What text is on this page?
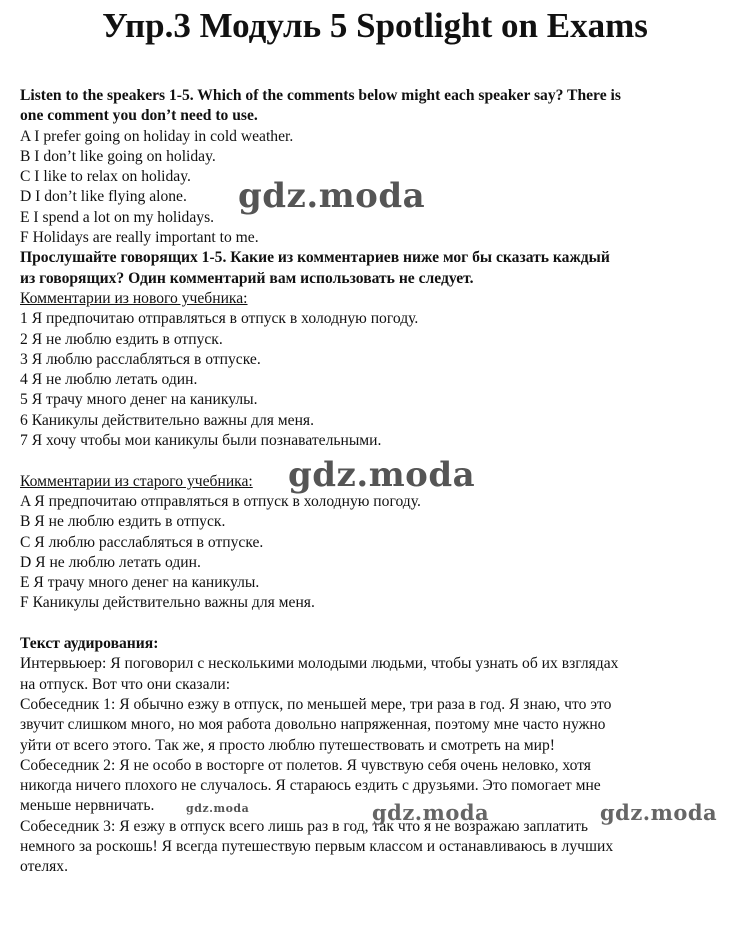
Упр.3 Модуль 5 Spotlight on Exams
Listen to the speakers 1-5. Which of the comments below might each speaker say? There is
one comment you don’t need to use.
A I prefer going on holiday in cold weather.
B I don’t like going on holiday.
C I like to relax on holiday.
D I don’t like flying alone.
E I spend a lot on my holidays.
F Holidays are really important to me.
Прослушайте говорящих 1-5. Какие из комментариев ниже мог бы сказать каждый
из говорящих? Один комментарий вам использовать не следует.
Комментарии из нового учебника:
1 Я предпочитаю отправляться в отпуск в холодную погоду.
2 Я не люблю ездить в отпуск.
3 Я люблю расслабляться в отпуске.
4 Я не люблю летать один.
5 Я трачу много денег на каникулы.
6 Каникулы действительно важны для меня.
7 Я хочу чтобы мои каникулы были познавательными.
Комментарии из старого учебника:
A Я предпочитаю отправляться в отпуск в холодную погоду.
B Я не люблю ездить в отпуск.
C Я люблю расслабляться в отпуске.
D Я не люблю летать один.
E Я трачу много денег на каникулы.
F Каникулы действительно важны для меня.
Текст аудирования:
Интервьюер: Я поговорил с несколькими молодыми людьми, чтобы узнать об их взглядах
на отпуск. Вот что они сказали:
Собеседник 1: Я обычно езжу в отпуск, по меньшей мере, три раза в год. Я знаю, что это
звучит слишком много, но моя работа довольно напряженная, поэтому мне часто нужно
уйти от всего этого. Так же, я просто люблю путешествовать и смотреть на мир!
Собеседник 2: Я не особо в восторге от полетов. Я чувствую себя очень неловко, хотя
никогда ничего плохого не случалось. Я стараюсь ездить с друзьями. Это помогает мне
меньше нервничать.
Собеседник 3: Я езжу в отпуск всего лишь раз в год, так что я не возражаю заплатить
немного за роскошь! Я всегда путешествую первым классом и останавливаюсь в лучших
отелях.
gdz.moda
gdz.moda
gdz.moda	gdz.moda	gdz.moda
